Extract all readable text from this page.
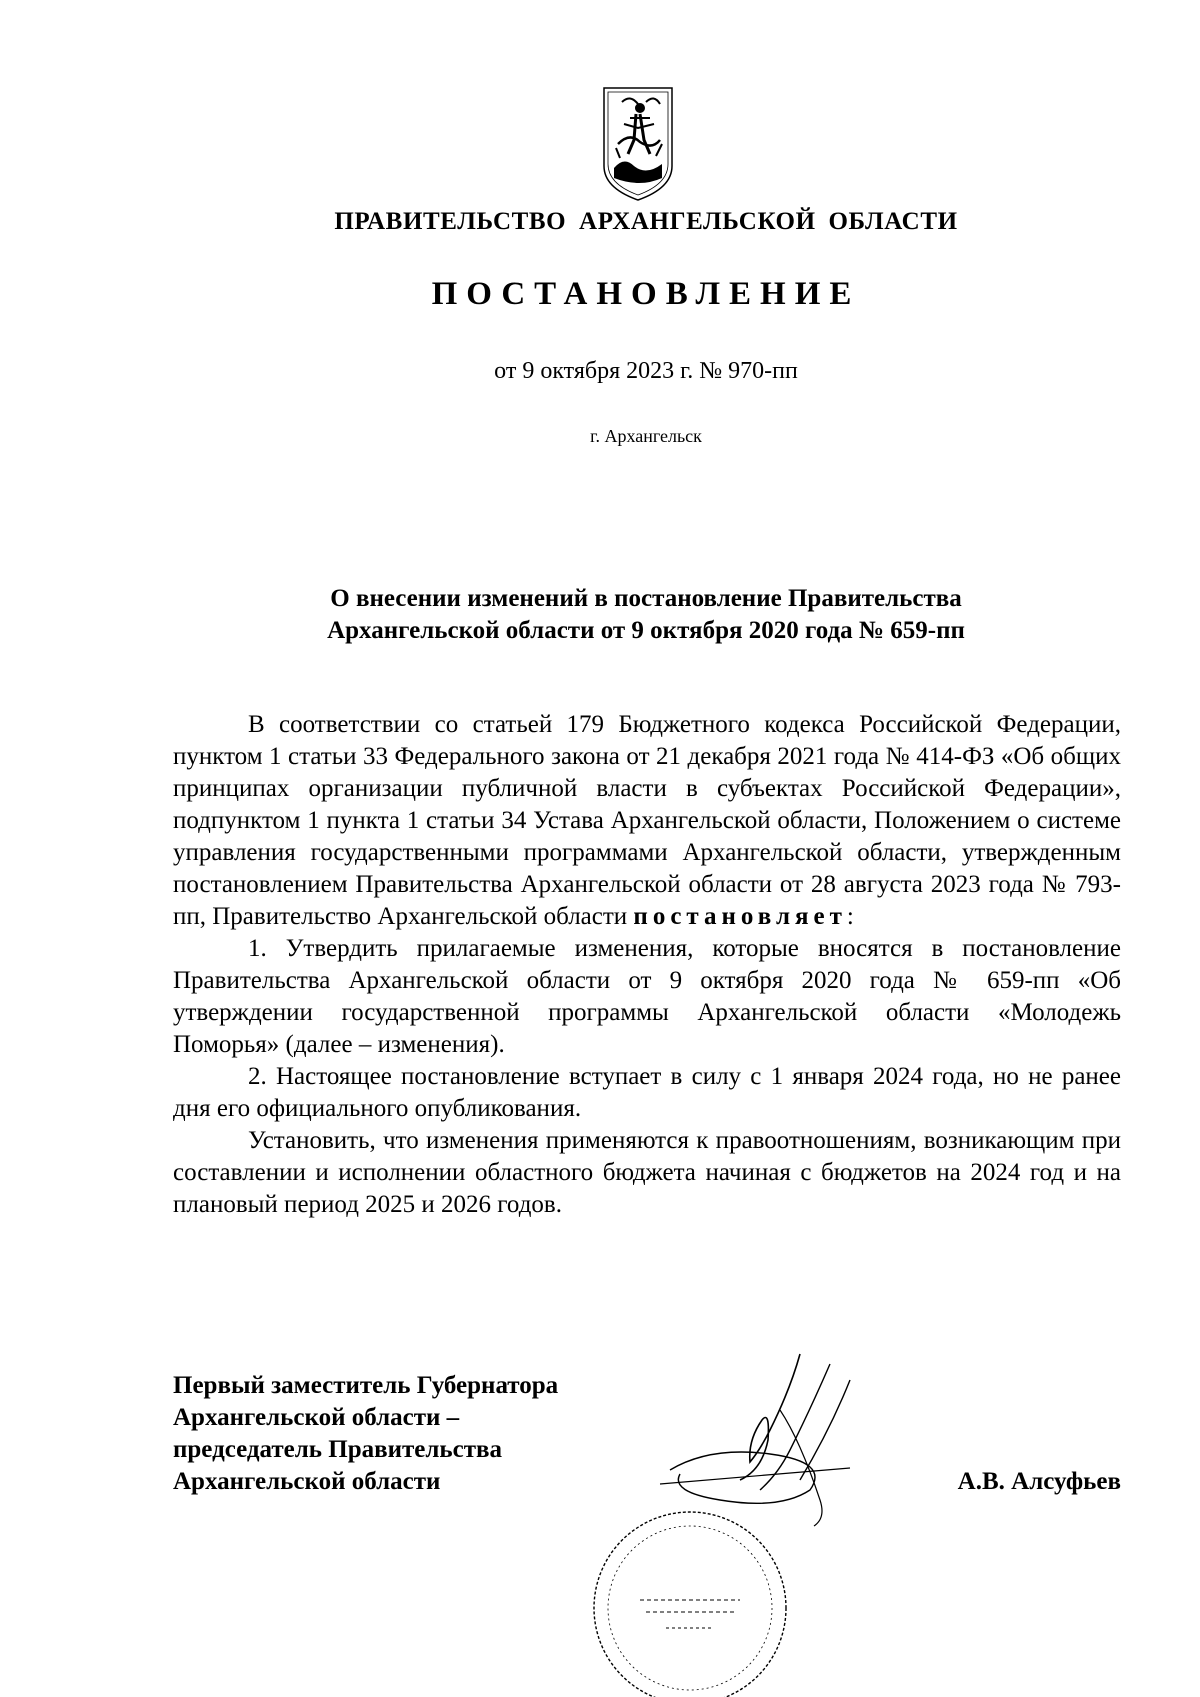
ПРАВИТЕЛЬСТВО АРХАНГЕЛЬСКОЙ ОБЛАСТИ
ПОСТАНОВЛЕНИЕ
от 9 октября 2023 г. № 970-пп
г. Архангельск
О внесении изменений в постановление Правительства
Архангельской области от 9 октября 2020 года № 659-пп

В соответствии со статьей 179 Бюджетного кодекса Российской Федерации, пунктом 1 статьи 33 Федерального закона от 21 декабря 2021 года № 414-ФЗ «Об общих принципах организации публичной власти в субъектах Российской Федерации», подпунктом 1 пункта 1 статьи 34 Устава Архангельской области, Положением о системе управления государственными программами Архангельской области, утвержденным постановлением Правительства Архангельской области от 28 августа 2023 года № 793-пп, Правительство Архангельской области постановляет:

1. Утвердить прилагаемые изменения, которые вносятся в постановление Правительства Архангельской области от 9 октября 2020 года № 659-пп «Об утверждении государственной программы Архангельской области «Молодежь Поморья» (далее – изменения).

2. Настоящее постановление вступает в силу с 1 января 2024 года, но не ранее дня его официального опубликования.

Установить, что изменения применяются к правоотношениям, возникающим при составлении и исполнении областного бюджета начиная с бюджетов на 2024 год и на плановый период 2025 и 2026 годов.

Первый заместитель Губернатора
Архангельской области –
председатель Правительства
Архангельской области	А.В. Алсуфьев
